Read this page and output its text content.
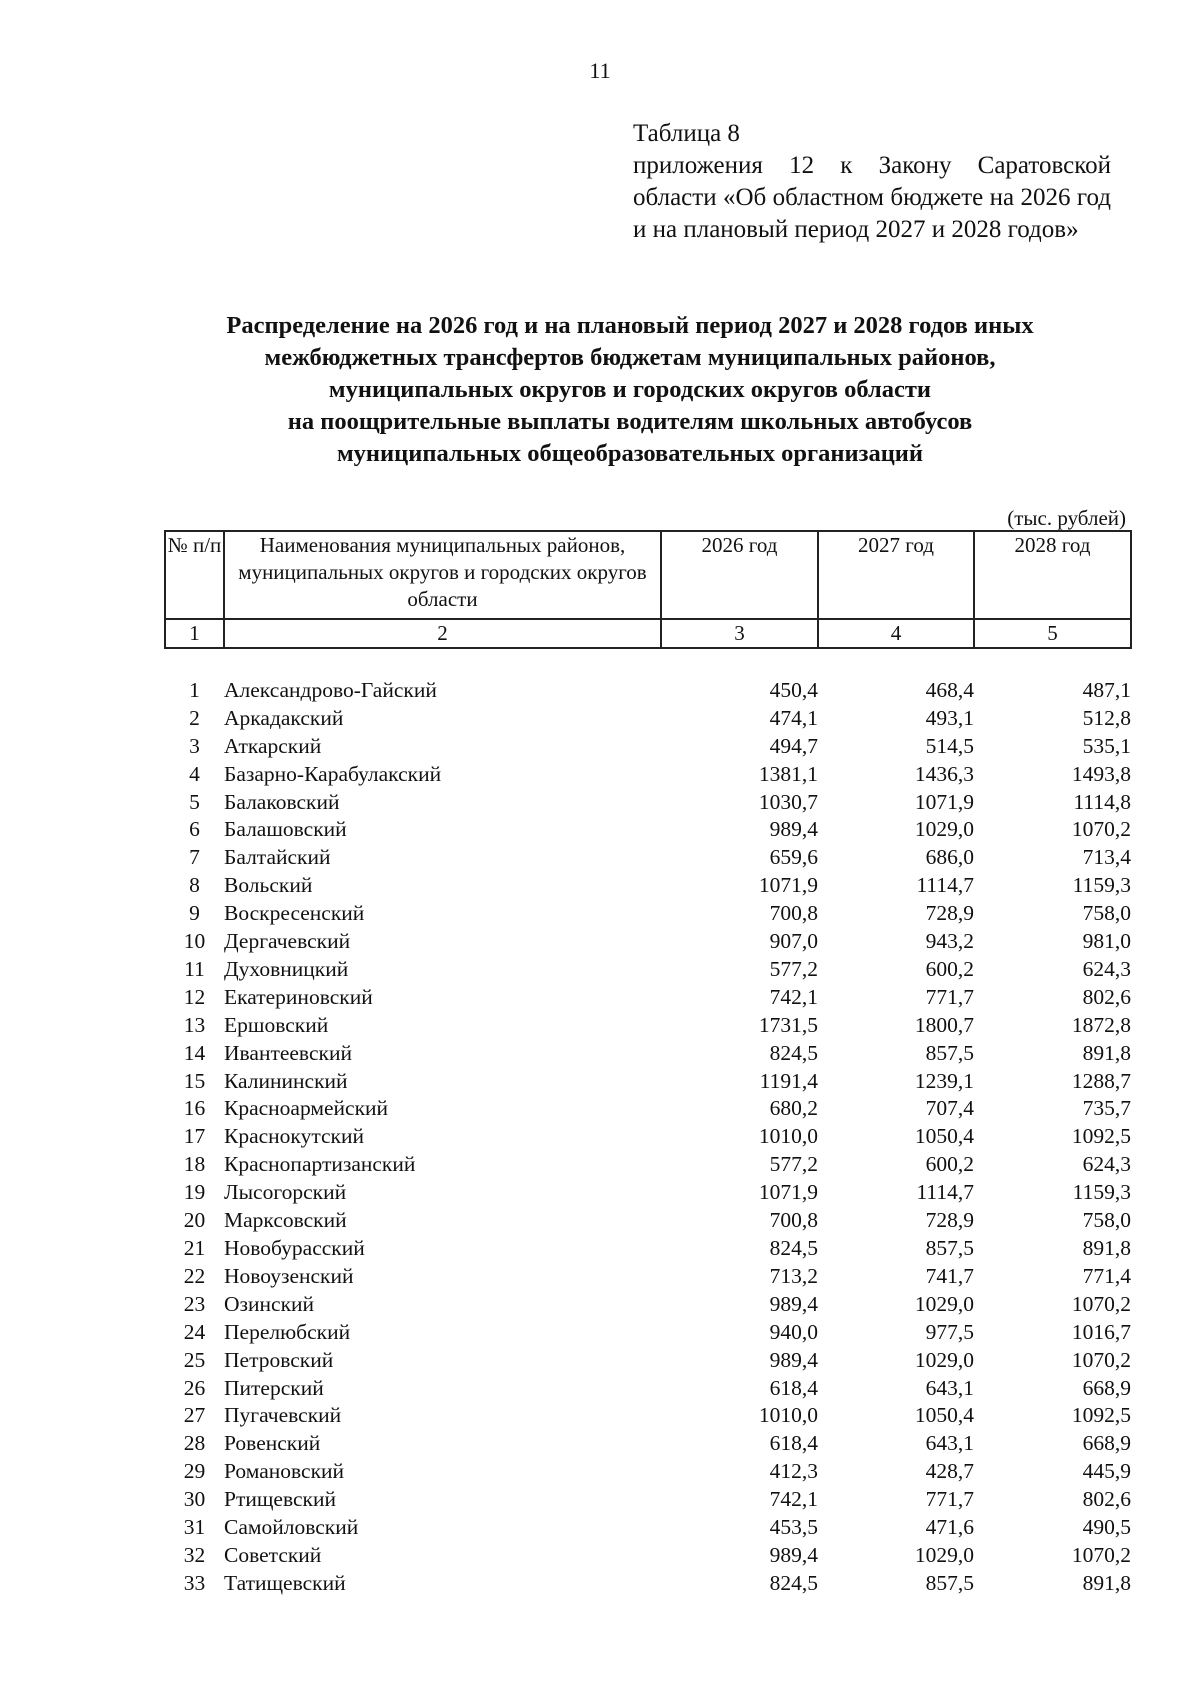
11
Таблица 8
приложения 12 к Закону Саратовской области «Об областном бюджете на 2026 год и на плановый период 2027 и 2028 годов»
Распределение на 2026 год и на плановый период 2027 и 2028 годов иных
межбюджетных трансфертов бюджетам муниципальных районов,
муниципальных округов и городских округов области
на поощрительные выплаты водителям школьных автобусов
муниципальных общеобразовательных организаций
(тыс. рублей)
№ п/п	Наименования муниципальных районов, муниципальных округов и городских округов области	2026 год	2027 год	2028 год
1	2	3	4	5

1	Александрово-Гайский	450,4	468,4	487,1
2	Аркадакский	474,1	493,1	512,8
3	Аткарский	494,7	514,5	535,1
4	Базарно-Карабулакский	1381,1	1436,3	1493,8
5	Балаковский	1030,7	1071,9	1114,8
6	Балашовский	989,4	1029,0	1070,2
7	Балтайский	659,6	686,0	713,4
8	Вольский	1071,9	1114,7	1159,3
9	Воскресенский	700,8	728,9	758,0
10	Дергачевский	907,0	943,2	981,0
11	Духовницкий	577,2	600,2	624,3
12	Екатериновский	742,1	771,7	802,6
13	Ершовский	1731,5	1800,7	1872,8
14	Ивантеевский	824,5	857,5	891,8
15	Калининский	1191,4	1239,1	1288,7
16	Красноармейский	680,2	707,4	735,7
17	Краснокутский	1010,0	1050,4	1092,5
18	Краснопартизанский	577,2	600,2	624,3
19	Лысогорский	1071,9	1114,7	1159,3
20	Марксовский	700,8	728,9	758,0
21	Новобурасский	824,5	857,5	891,8
22	Новоузенский	713,2	741,7	771,4
23	Озинский	989,4	1029,0	1070,2
24	Перелюбский	940,0	977,5	1016,7
25	Петровский	989,4	1029,0	1070,2
26	Питерский	618,4	643,1	668,9
27	Пугачевский	1010,0	1050,4	1092,5
28	Ровенский	618,4	643,1	668,9
29	Романовский	412,3	428,7	445,9
30	Ртищевский	742,1	771,7	802,6
31	Самойловский	453,5	471,6	490,5
32	Советский	989,4	1029,0	1070,2
33	Татищевский	824,5	857,5	891,8
